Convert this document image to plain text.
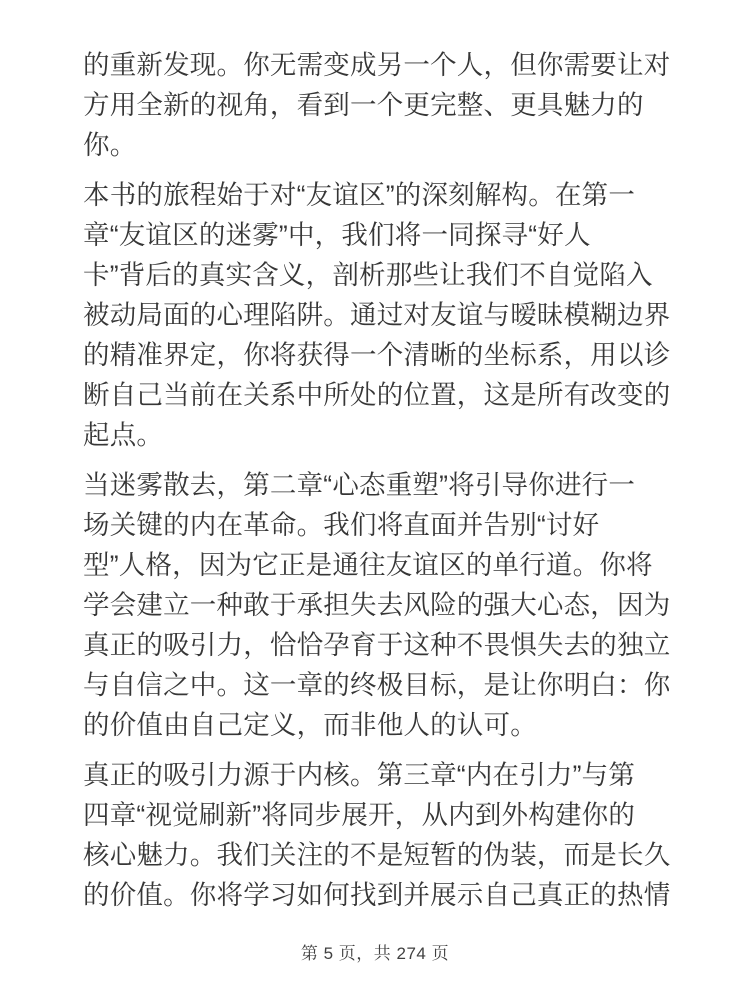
的重新发现。你无需变成另一个人，但你需要让对
方用全新的视角，看到一个更完整、更具魅力的
你。

本书的旅程始于对“友谊区”的深刻解构。在第一
章“友谊区的迷雾”中，我们将一同探寻“好人
卡”背后的真实含义，剖析那些让我们不自觉陷入
被动局面的心理陷阱。通过对友谊与暧昧模糊边界
的精准界定，你将获得一个清晰的坐标系，用以诊
断自己当前在关系中所处的位置，这是所有改变的
起点。

当迷雾散去，第二章“心态重塑”将引导你进行一
场关键的内在革命。我们将直面并告别“讨好
型”人格，因为它正是通往友谊区的单行道。你将
学会建立一种敢于承担失去风险的强大心态，因为
真正的吸引力，恰恰孕育于这种不畏惧失去的独立
与自信之中。这一章的终极目标，是让你明白：你
的价值由自己定义，而非他人的认可。

真正的吸引力源于内核。第三章“内在引力”与第
四章“视觉刷新”将同步展开，从内到外构建你的
核心魅力。我们关注的不是短暂的伪装，而是长久
的价值。你将学习如何找到并展示自己真正的热情

第 5 页，共 274 页
